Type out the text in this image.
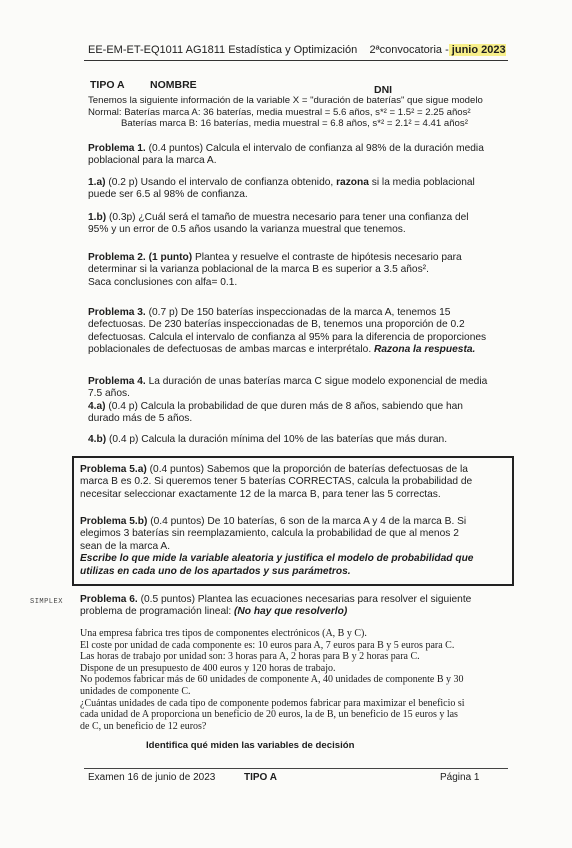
EE-EM-ET-EQ1011 AG1811 Estadística y Optimización 2ªconvocatoria - junio 2023
TIPO A NOMBRE	DNI
Tenemos la siguiente información de la variable X = "duración de baterías" que sigue modelo
Normal: Baterías marca A: 36 baterías, media muestral = 5.6 años, s*² = 1.5² = 2.25 años²
Baterías marca B: 16 baterías, media muestral = 6.8 años, s*² = 2.1² = 4.41 años²
Problema 1. (0.4 puntos) Calcula el intervalo de confianza al 98% de la duración media
poblacional para la marca A.
1.a) (0.2 p) Usando el intervalo de confianza obtenido, razona si la media poblacional
puede ser 6.5 al 98% de confianza.
1.b) (0.3p) ¿Cuál será el tamaño de muestra necesario para tener una confianza del
95% y un error de 0.5 años usando la varianza muestral que tenemos.
Problema 2. (1 punto) Plantea y resuelve el contraste de hipótesis necesario para
determinar si la varianza poblacional de la marca B es superior a 3.5 años².
Saca conclusiones con alfa= 0.1.
Problema 3. (0.7 p) De 150 baterías inspeccionadas de la marca A, tenemos 15
defectuosas. De 230 baterías inspeccionadas de B, tenemos una proporción de 0.2
defectuosas. Calcula el intervalo de confianza al 95% para la diferencia de proporciones
poblacionales de defectuosas de ambas marcas e interprétalo. Razona la respuesta.
Problema 4. La duración de unas baterías marca C sigue modelo exponencial de media
7.5 años.
4.a) (0.4 p) Calcula la probabilidad de que duren más de 8 años, sabiendo que han
durado más de 5 años.
4.b) (0.4 p) Calcula la duración mínima del 10% de las baterías que más duran.
Problema 5.a) (0.4 puntos) Sabemos que la proporción de baterías defectuosas de la
marca B es 0.2. Si queremos tener 5 baterías CORRECTAS, calcula la probabilidad de
necesitar seleccionar exactamente 12 de la marca B, para tener las 5 correctas.
Problema 5.b) (0.4 puntos) De 10 baterías, 6 son de la marca A y 4 de la marca B. Si
elegimos 3 baterías sin reemplazamiento, calcula la probabilidad de que al menos 2
sean de la marca A.
Escribe lo que mide la variable aleatoria y justifica el modelo de probabilidad que
utilizas en cada uno de los apartados y sus parámetros.
SIMPLEX Problema 6. (0.5 puntos) Plantea las ecuaciones necesarias para resolver el siguiente
problema de programación lineal: (No hay que resolverlo)
Una empresa fabrica tres tipos de componentes electrónicos (A, B y C).
El coste por unidad de cada componente es: 10 euros para A, 7 euros para B y 5 euros para C.
Las horas de trabajo por unidad son: 3 horas para A, 2 horas para B y 2 horas para C.
Dispone de un presupuesto de 400 euros y 120 horas de trabajo.
No podemos fabricar más de 60 unidades de componente A, 40 unidades de componente B y 30
unidades de componente C.
¿Cuántas unidades de cada tipo de componente podemos fabricar para maximizar el beneficio si
cada unidad de A proporciona un beneficio de 20 euros, la de B, un beneficio de 15 euros y las
de C, un beneficio de 12 euros?
Identifica qué miden las variables de decisión
Examen 16 de junio de 2023	TIPO A	Página 1
